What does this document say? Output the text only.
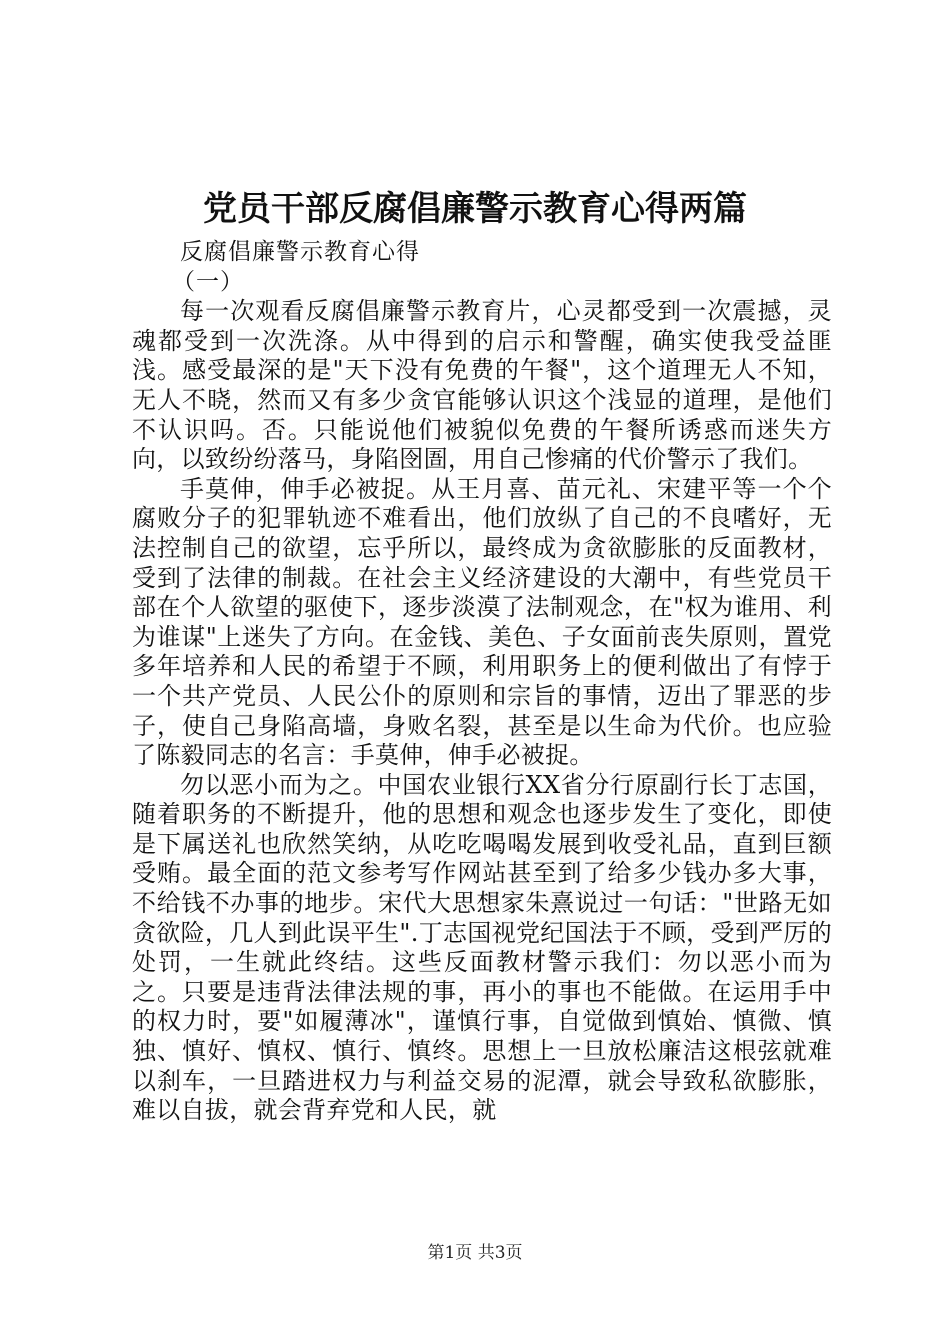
党员干部反腐倡廉警示教育心得两篇

反腐倡廉警示教育心得

（一）

每一次观看反腐倡廉警示教育片，心灵都受到一次震撼，灵魂都受到一次洗涤。从中得到的启示和警醒，确实使我受益匪浅。感受最深的是"天下没有免费的午餐"，这个道理无人不知，无人不晓，然而又有多少贪官能够认识这个浅显的道理，是他们不认识吗。否。只能说他们被貌似免费的午餐所诱惑而迷失方向，以致纷纷落马，身陷囹圄，用自己惨痛的代价警示了我们。

手莫伸，伸手必被捉。从王月喜、苗元礼、宋建平等一个个腐败分子的犯罪轨迹不难看出，他们放纵了自己的不良嗜好，无法控制自己的欲望，忘乎所以，最终成为贪欲膨胀的反面教材，受到了法律的制裁。在社会主义经济建设的大潮中，有些党员干部在个人欲望的驱使下，逐步淡漠了法制观念，在"权为谁用、利为谁谋"上迷失了方向。在金钱、美色、子女面前丧失原则，置党多年培养和人民的希望于不顾，利用职务上的便利做出了有悖于一个共产党员、人民公仆的原则和宗旨的事情，迈出了罪恶的步子，使自己身陷高墙，身败名裂，甚至是以生命为代价。也应验了陈毅同志的名言：手莫伸，伸手必被捉。

勿以恶小而为之。中国农业银行XX省分行原副行长丁志国，随着职务的不断提升，他的思想和观念也逐步发生了变化，即使是下属送礼也欣然笑纳，从吃吃喝喝发展到收受礼品，直到巨额受贿。最全面的范文参考写作网站甚至到了给多少钱办多大事，不给钱不办事的地步。宋代大思想家朱熹说过一句话："世路无如贪欲险，几人到此误平生".丁志国视党纪国法于不顾，受到严厉的处罚，一生就此终结。这些反面教材警示我们：勿以恶小而为之。只要是违背法律法规的事，再小的事也不能做。在运用手中的权力时，要"如履薄冰"，谨慎行事，自觉做到慎始、慎微、慎独、慎好、慎权、慎行、慎终。思想上一旦放松廉洁这根弦就难以刹车，一旦踏进权力与利益交易的泥潭，就会导致私欲膨胀，难以自拔，就会背弃党和人民，就

第1页 共3页
